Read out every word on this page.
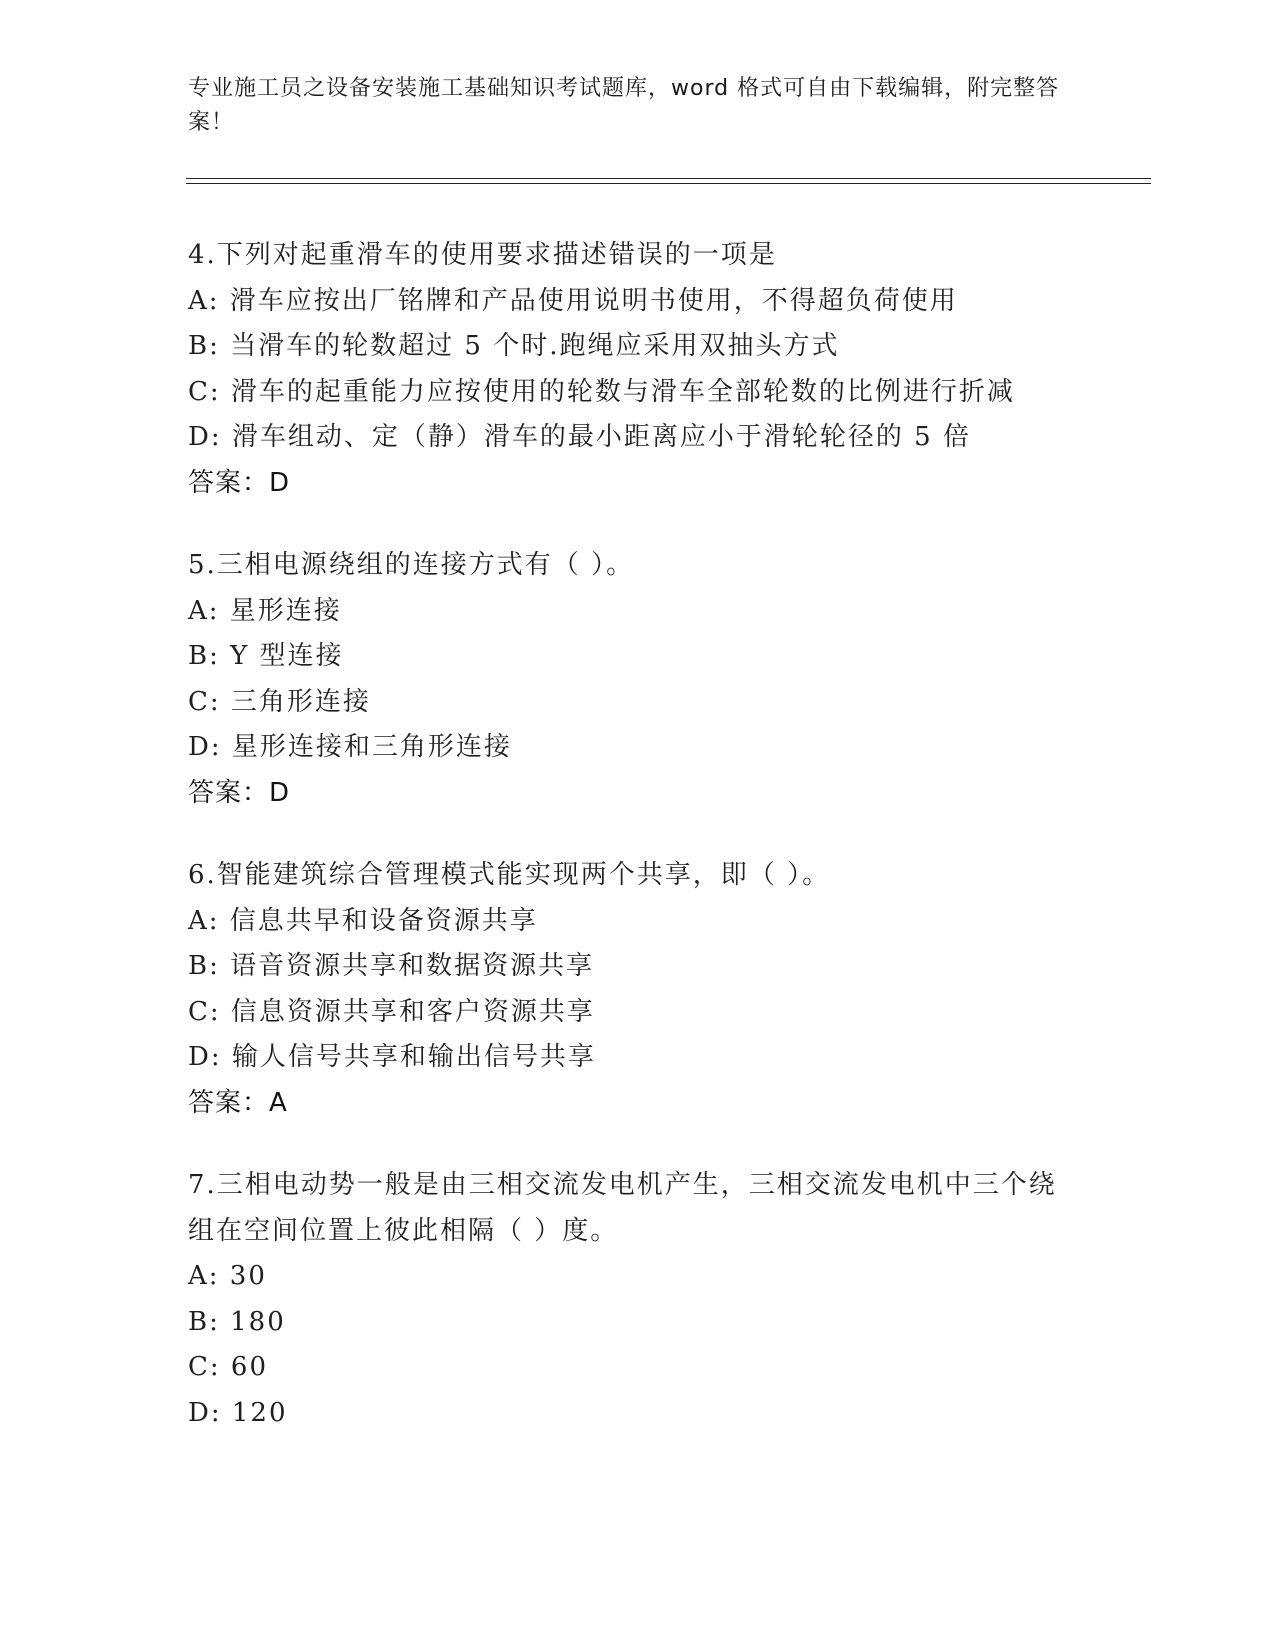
专业施工员之设备安装施工基础知识考试题库，word 格式可自由下载编辑，附完整答案！
4.下列对起重滑车的使用要求描述错误的一项是
A: 滑车应按出厂铭牌和产品使用说明书使用，不得超负荷使用
B: 当滑车的轮数超过 5 个时.跑绳应采用双抽头方式
C: 滑车的起重能力应按使用的轮数与滑车全部轮数的比例进行折减
D: 滑车组动、定（静）滑车的最小距离应小于滑轮轮径的 5 倍
答案：D
5.三相电源绕组的连接方式有（ ）。
A: 星形连接
B: Y 型连接
C: 三角形连接
D: 星形连接和三角形连接
答案：D
6.智能建筑综合管理模式能实现两个共享，即（ ）。
A: 信息共早和设备资源共享
B: 语音资源共享和数据资源共享
C: 信息资源共享和客户资源共享
D: 输人信号共享和输出信号共享
答案：A
7.三相电动势一般是由三相交流发电机产生，三相交流发电机中三个绕组在空间位置上彼此相隔（ ）度。
A: 30
B: 180
C: 60
D: 120
